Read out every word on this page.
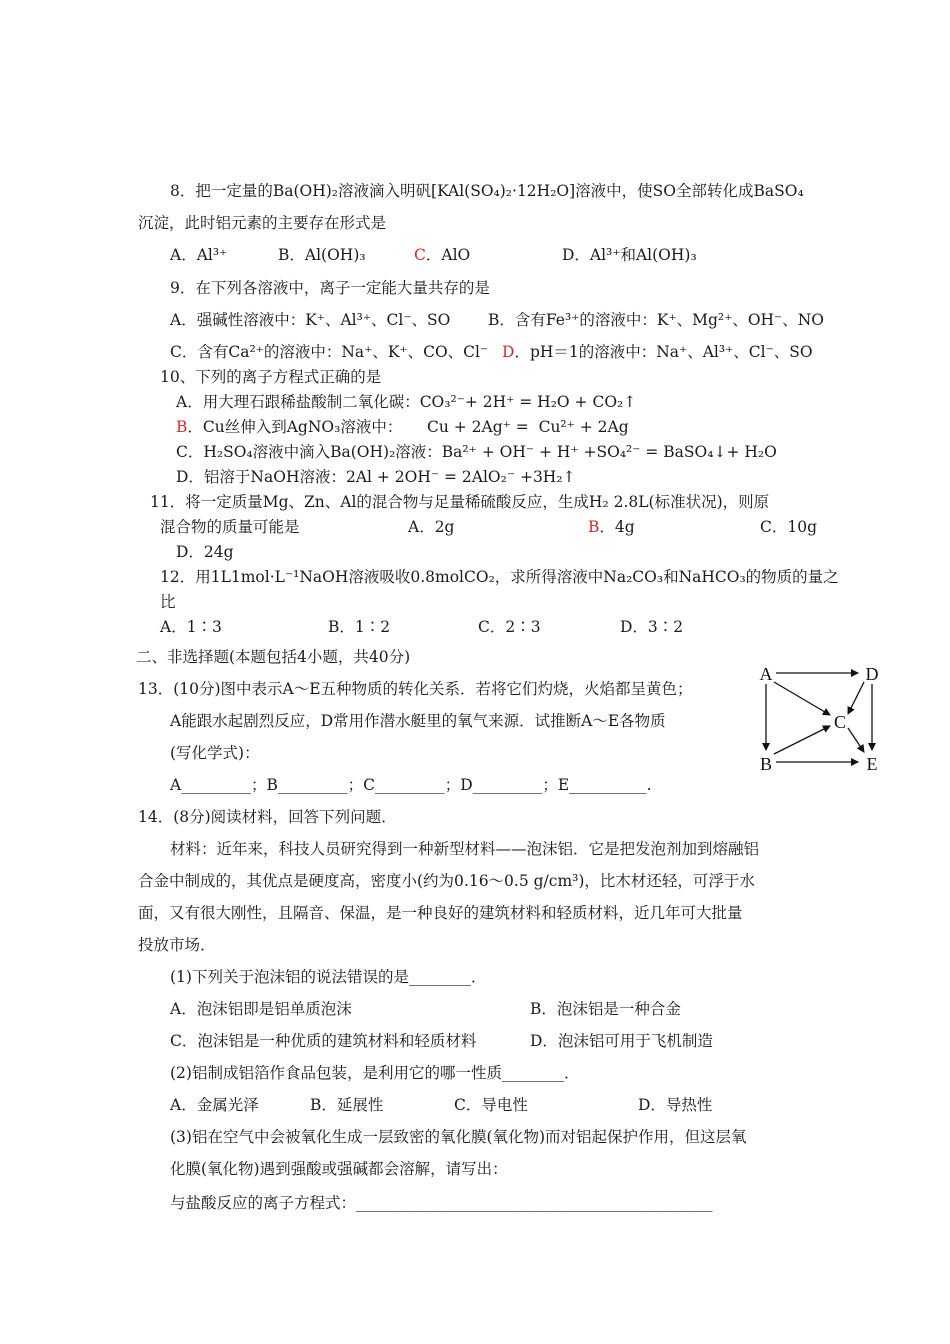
8．把一定量的Ba(OH)₂溶液滴入明矾[KAl(SO₄)₂·12H₂O]溶液中，使SO全部转化成BaSO₄
沉淀，此时铝元素的主要存在形式是
A．Al³⁺	B．Al(OH)₃	C．AlO	D．Al³⁺和Al(OH)₃
9．在下列各溶液中，离子一定能大量共存的是
A．强碱性溶液中：K⁺、Al³⁺、Cl⁻、SO B．含有Fe³⁺的溶液中：K⁺、Mg²⁺、OH⁻、NO
C．含有Ca²⁺的溶液中：Na⁺、K⁺、CO、Cl⁻ D．pH＝1的溶液中：Na⁺、Al³⁺、Cl⁻、SO
10、下列的离子方程式正确的是
A．用大理石跟稀盐酸制二氧化碳：CO₃²⁻+ 2H⁺ = H₂O + CO₂↑
B．Cu丝伸入到AgNO₃溶液中：     Cu + 2Ag⁺ =  Cu²⁺ + 2Ag
C．H₂SO₄溶液中滴入Ba(OH)₂溶液：Ba²⁺ + OH⁻ + H⁺ +SO₄²⁻ = BaSO₄↓+ H₂O
D．铝溶于NaOH溶液：2Al + 2OH⁻ = 2AlO₂⁻ +3H₂↑
11．将一定质量Mg、Zn、Al的混合物与足量稀硫酸反应，生成H₂ 2.8L(标准状况)，则原
混合物的质量可能是	A．2g	B．4g	C．10g
D．24g
12．用1L1mol·L⁻¹NaOH溶液吸收0.8molCO₂，求所得溶液中Na₂CO₃和NaHCO₃的物质的量之
比
A．1∶3	B．1∶2	C．2∶3	D．3∶2
二、非选择题(本题包括4小题，共40分)
13．(10分)图中表示A～E五种物质的转化关系．若将它们灼烧，火焰都呈黄色；
A能跟水起剧烈反应，D常用作潜水艇里的氧气来源．试推断A～E各物质
(写化学式)：
A_________；B_________；C_________；D_________；E__________.
A	D
C
B	E
14．(8分)阅读材料，回答下列问题．
材料：近年来，科技人员研究得到一种新型材料——泡沫铝．它是把发泡剂加到熔融铝
合金中制成的，其优点是硬度高，密度小(约为0.16～0.5 g/cm³)，比木材还轻，可浮于水
面，又有很大刚性，且隔音、保温，是一种良好的建筑材料和轻质材料，近几年可大批量
投放市场．
(1)下列关于泡沫铝的说法错误的是________．
A．泡沫铝即是铝单质泡沫	B．泡沫铝是一种合金
C．泡沫铝是一种优质的建筑材料和轻质材料	D．泡沫铝可用于飞机制造
(2)铝制成铝箔作食品包装，是利用它的哪一性质________．
A．金属光泽	B．延展性	C．导电性	D．导热性
(3)铝在空气中会被氧化生成一层致密的氧化膜(氧化物)而对铝起保护作用，但这层氧
化膜(氧化物)遇到强酸或强碱都会溶解，请写出：
与盐酸反应的离子方程式：______________________________________________
